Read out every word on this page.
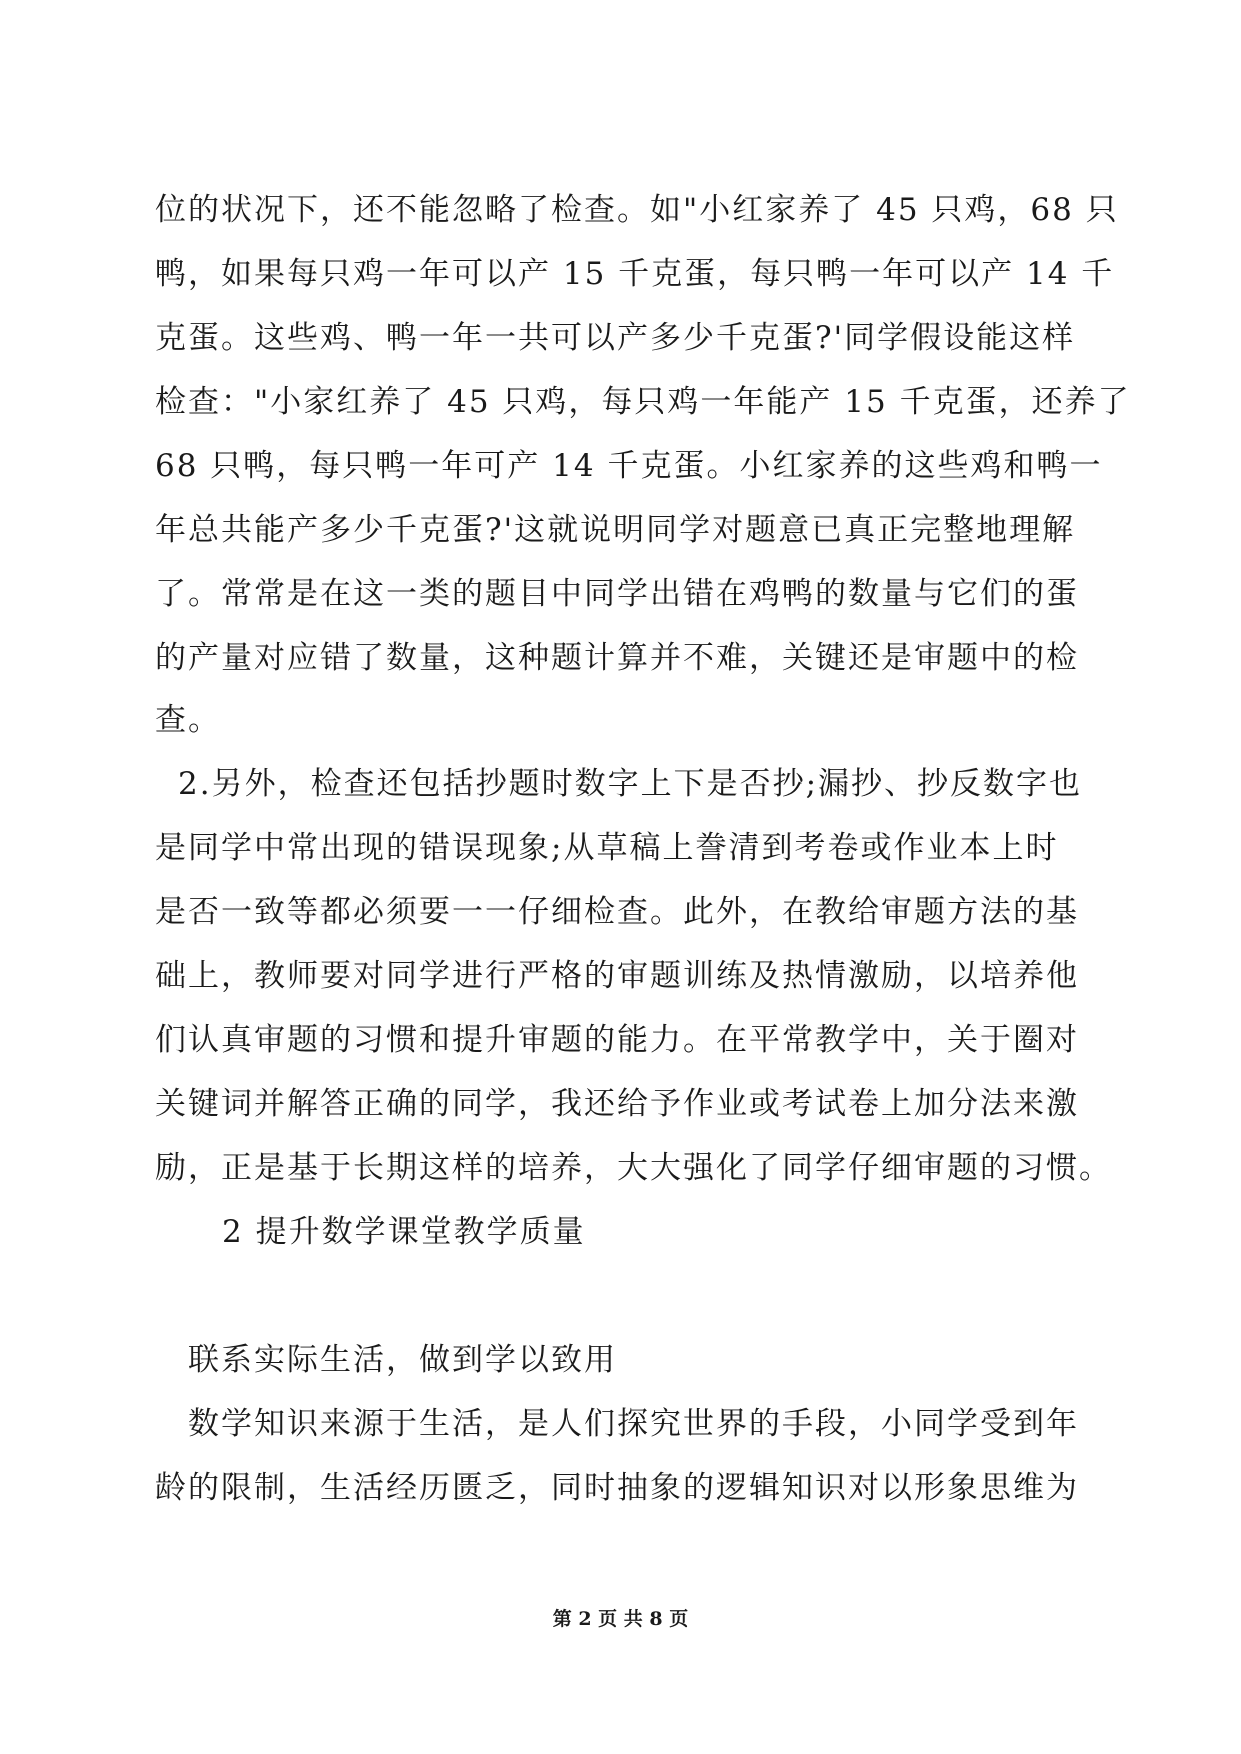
位的状况下，还不能忽略了检查。如"小红家养了 45 只鸡，68 只
鸭，如果每只鸡一年可以产 15 千克蛋，每只鸭一年可以产 14 千
克蛋。这些鸡、鸭一年一共可以产多少千克蛋?'同学假设能这样
检查："小家红养了 45 只鸡，每只鸡一年能产 15 千克蛋，还养了
68 只鸭，每只鸭一年可产 14 千克蛋。小红家养的这些鸡和鸭一
年总共能产多少千克蛋?'这就说明同学对题意已真正完整地理解
了。常常是在这一类的题目中同学出错在鸡鸭的数量与它们的蛋
的产量对应错了数量，这种题计算并不难，关键还是审题中的检
查。
2.另外，检查还包括抄题时数字上下是否抄;漏抄、抄反数字也
是同学中常出现的错误现象;从草稿上誊清到考卷或作业本上时
是否一致等都必须要一一仔细检查。此外，在教给审题方法的基
础上，教师要对同学进行严格的审题训练及热情激励，以培养他
们认真审题的习惯和提升审题的能力。在平常教学中，关于圈对
关键词并解答正确的同学，我还给予作业或考试卷上加分法来激
励，正是基于长期这样的培养，大大强化了同学仔细审题的习惯。
2 提升数学课堂教学质量
联系实际生活，做到学以致用
数学知识来源于生活，是人们探究世界的手段，小同学受到年
龄的限制，生活经历匮乏，同时抽象的逻辑知识对以形象思维为
第 2 页 共 8 页
